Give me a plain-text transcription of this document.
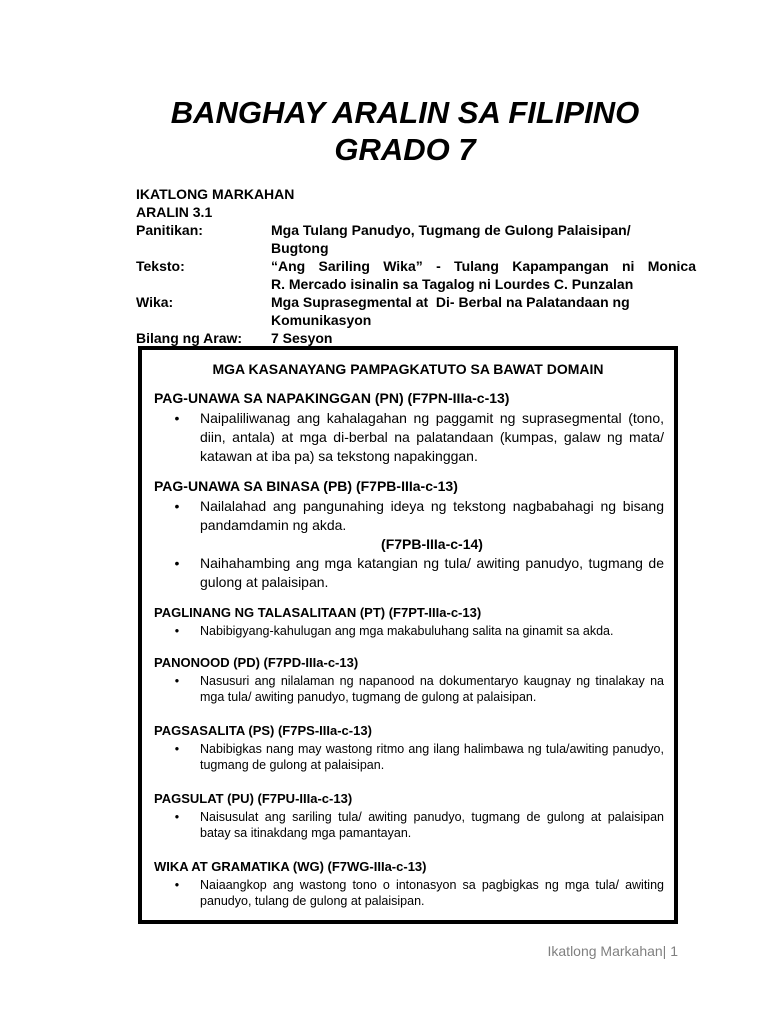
BANGHAY ARALIN SA FILIPINO
GRADO 7
IKATLONG MARKAHAN
ARALIN 3.1
Panitikan:	Mga Tulang Panudyo, Tugmang de Gulong Palaisipan/
Bugtong
Teksto:	“Ang Sariling Wika” - Tulang Kapampangan ni Monica
R. Mercado isinalin sa Tagalog ni Lourdes C. Punzalan
Wika:	Mga Suprasegmental at  Di- Berbal na Palatandaan ng
Komunikasyon
Bilang ng Araw:	7 Sesyon
MGA KASANAYANG PAMPAGKATUTO SA BAWAT DOMAIN
PAG-UNAWA SA NAPAKINGGAN (PN) (F7PN-IIIa-c-13)
•	Naipaliliwanag ang kahalagahan ng paggamit ng suprasegmental (tono, diin, antala) at mga di-berbal na palatandaan (kumpas, galaw ng mata/ katawan at iba pa) sa tekstong napakinggan.
PAG-UNAWA SA BINASA (PB) (F7PB-IIIa-c-13)
•	Nailalahad ang pangunahing ideya ng tekstong nagbabahagi ng bisang pandamdamin ng akda.
(F7PB-IIIa-c-14)
•	Naihahambing ang mga katangian ng tula/ awiting panudyo, tugmang de gulong at palaisipan.
PAGLINANG NG TALASALITAAN (PT) (F7PT-IIIa-c-13)
•	Nabibigyang-kahulugan ang mga makabuluhang salita na ginamit sa akda.
PANONOOD (PD) (F7PD-IIIa-c-13)
•	Nasusuri ang nilalaman ng napanood na dokumentaryo kaugnay ng tinalakay na mga tula/ awiting panudyo, tugmang de gulong at palaisipan.
PAGSASALITA (PS) (F7PS-IIIa-c-13)
•	Nabibigkas nang may wastong ritmo ang ilang halimbawa ng tula/awiting panudyo, tugmang de gulong at palaisipan.
PAGSULAT (PU) (F7PU-IIIa-c-13)
•	Naisusulat ang sariling tula/ awiting panudyo, tugmang de gulong at palaisipan batay sa itinakdang mga pamantayan.
WIKA AT GRAMATIKA (WG) (F7WG-IIIa-c-13)
•	Naiaangkop ang wastong tono o intonasyon sa pagbigkas ng mga tula/ awiting panudyo, tulang de gulong at palaisipan.
Ikatlong Markahan| 1
